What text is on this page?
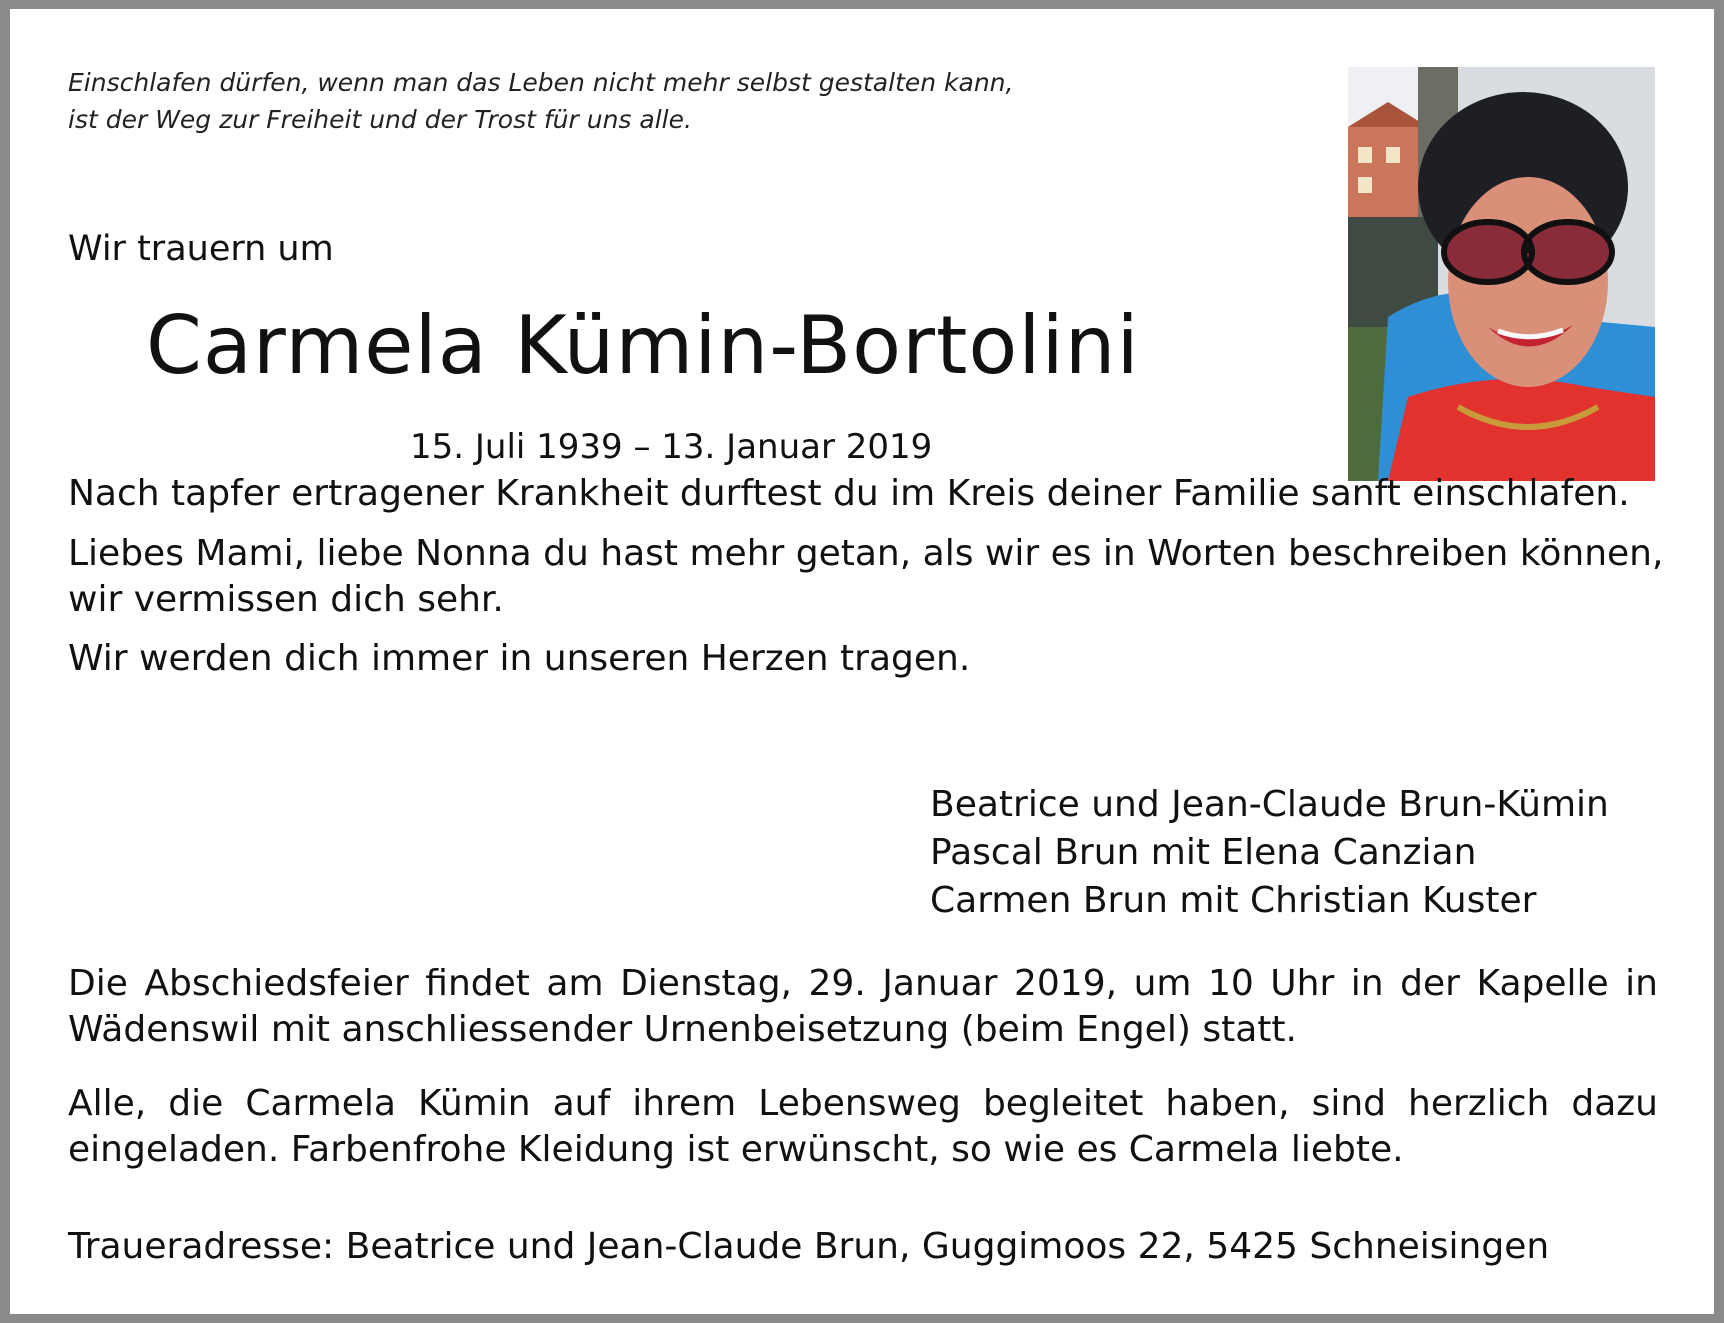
Einschlafen dürfen, wenn man das Leben nicht mehr selbst gestalten kann,
ist der Weg zur Freiheit und der Trost für uns alle.
Wir trauern um
Carmela Kümin-Bortolini
15. Juli 1939 – 13. Januar 2019
Nach tapfer ertragener Krankheit durftest du im Kreis deiner Familie sanft einschlafen.
Liebes Mami, liebe Nonna du hast mehr getan, als wir es in Worten beschreiben können,
wir vermissen dich sehr.
Wir werden dich immer in unseren Herzen tragen.
Beatrice und Jean-Claude Brun-Kümin
Pascal Brun mit Elena Canzian
Carmen Brun mit Christian Kuster
Die Abschiedsfeier findet am Dienstag, 29. Januar 2019, um 10 Uhr in der Kapelle in Wädenswil mit anschliessender Urnenbeisetzung (beim Engel) statt.
Alle, die Carmela Kümin auf ihrem Lebensweg begleitet haben, sind herzlich dazu eingeladen. Farbenfrohe Kleidung ist erwünscht, so wie es Carmela liebte.
Traueradresse: Beatrice und Jean-Claude Brun, Guggimoos 22, 5425 Schneisingen
